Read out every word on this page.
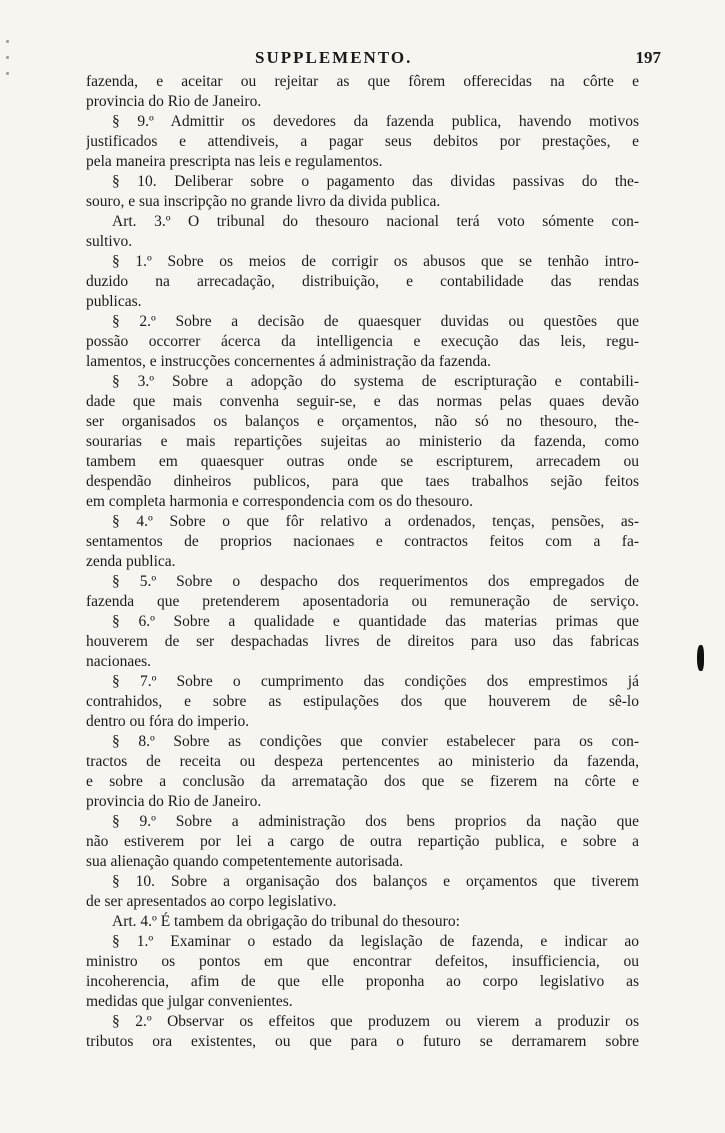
SUPPLEMENTO.	197
fazenda, e aceitar ou rejeitar as que fôrem offerecidas na côrte e
provincia do Rio de Janeiro.
§ 9.º Admittir os devedores da fazenda publica, havendo motivos
justificados e attendiveis, a pagar seus debitos por prestações, e
pela maneira prescripta nas leis e regulamentos.
§ 10. Deliberar sobre o pagamento das dividas passivas do the-
souro, e sua inscripção no grande livro da divida publica.
Art. 3.º O tribunal do thesouro nacional terá voto sómente con-
sultivo.
§ 1.º Sobre os meios de corrigir os abusos que se tenhão intro-
duzido na arrecadação, distribuição, e contabilidade das rendas
publicas.
§ 2.º Sobre a decisão de quaesquer duvidas ou questões que
possão occorrer ácerca da intelligencia e execução das leis, regu-
lamentos, e instrucções concernentes á administração da fazenda.
§ 3.º Sobre a adopção do systema de escripturação e contabili-
dade que mais convenha seguir-se, e das normas pelas quaes devão
ser organisados os balanços e orçamentos, não só no thesouro, the-
sourarias e mais repartições sujeitas ao ministerio da fazenda, como
tambem em quaesquer outras onde se escripturem, arrecadem ou
despendão dinheiros publicos, para que taes trabalhos sejão feitos
em completa harmonia e correspondencia com os do thesouro.
§ 4.º Sobre o que fôr relativo a ordenados, tenças, pensões, as-
sentamentos de proprios nacionaes e contractos feitos com a fa-
zenda publica.
§ 5.º Sobre o despacho dos requerimentos dos empregados de
fazenda que pretenderem aposentadoria ou remuneração de serviço.
§ 6.º Sobre a qualidade e quantidade das materias primas que
houverem de ser despachadas livres de direitos para uso das fabricas
nacionaes.
§ 7.º Sobre o cumprimento das condições dos emprestimos já
contrahidos, e sobre as estipulações dos que houverem de sê-lo
dentro ou fóra do imperio.
§ 8.º Sobre as condições que convier estabelecer para os con-
tractos de receita ou despeza pertencentes ao ministerio da fazenda,
e sobre a conclusão da arrematação dos que se fizerem na côrte e
provincia do Rio de Janeiro.
§ 9.º Sobre a administração dos bens proprios da nação que
não estiverem por lei a cargo de outra repartição publica, e sobre a
sua alienação quando competentemente autorisada.
§ 10. Sobre a organisação dos balanços e orçamentos que tiverem
de ser apresentados ao corpo legislativo.
Art. 4.º É tambem da obrigação do tribunal do thesouro:
§ 1.º Examinar o estado da legislação de fazenda, e indicar ao
ministro os pontos em que encontrar defeitos, insufficiencia, ou
incoherencia, afim de que elle proponha ao corpo legislativo as
medidas que julgar convenientes.
§ 2.º Observar os effeitos que produzem ou vierem a produzir os
tributos ora existentes, ou que para o futuro se derramarem sobre
